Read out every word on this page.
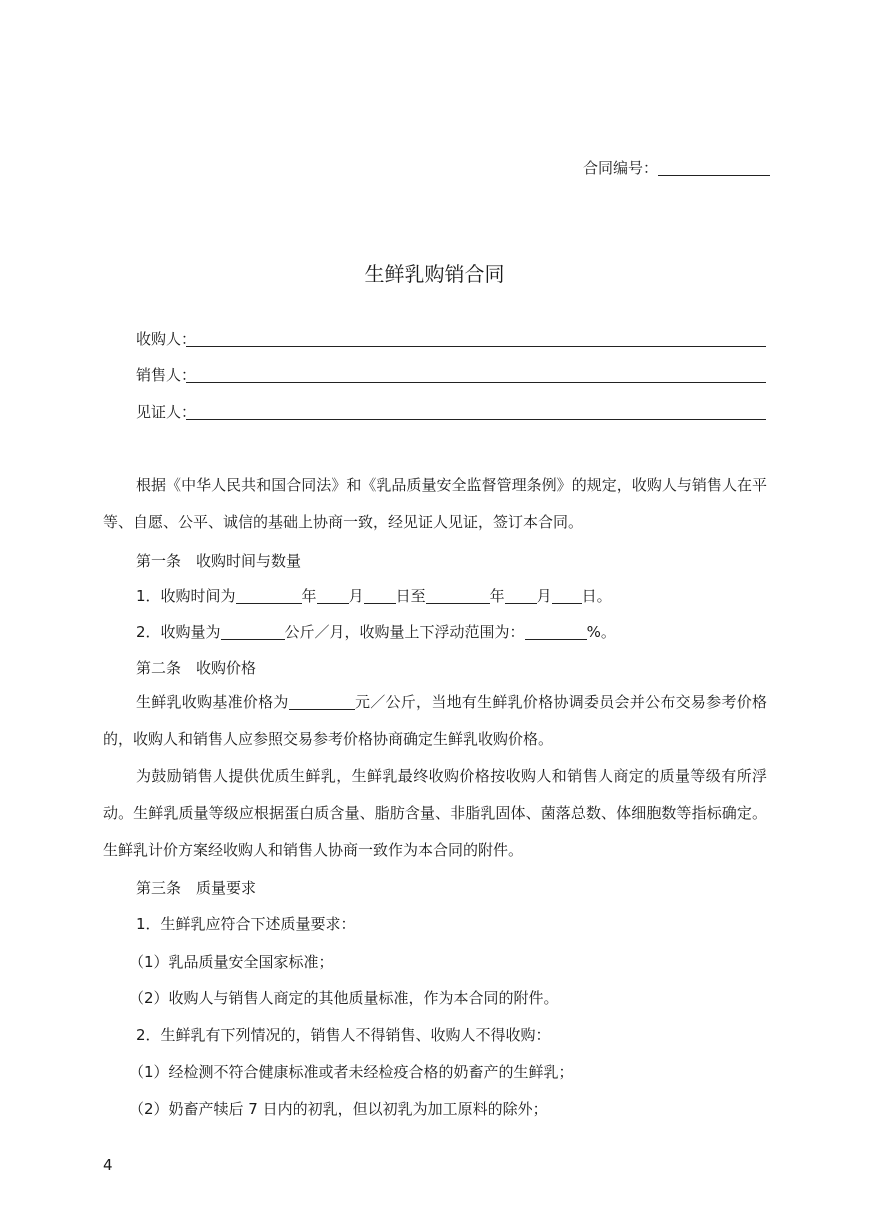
合同编号：
生鲜乳购销合同
收购人：
销售人：
见证人：
根据《中华人民共和国合同法》和《乳品质量安全监督管理条例》的规定，收购人与销售人在平等、自愿、公平、诚信的基础上协商一致，经见证人见证，签订本合同。
第一条　收购时间与数量
1．收购时间为	年 月 日至	年 月 日。
2．收购量为	公斤／月，收购量上下浮动范围为：	%。
第二条　收购价格
生鲜乳收购基准价格为	元／公斤，当地有生鲜乳价格协调委员会并公布交易参考价格的，收购人和销售人应参照交易参考价格协商确定生鲜乳收购价格。
为鼓励销售人提供优质生鲜乳，生鲜乳最终收购价格按收购人和销售人商定的质量等级有所浮动。生鲜乳质量等级应根据蛋白质含量、脂肪含量、非脂乳固体、菌落总数、体细胞数等指标确定。生鲜乳计价方案经收购人和销售人协商一致作为本合同的附件。
第三条　质量要求
1．生鲜乳应符合下述质量要求：
（1）乳品质量安全国家标准；
（2）收购人与销售人商定的其他质量标准，作为本合同的附件。
2．生鲜乳有下列情况的，销售人不得销售、收购人不得收购：
（1）经检测不符合健康标准或者未经检疫合格的奶畜产的生鲜乳；
（2）奶畜产犊后 7 日内的初乳，但以初乳为加工原料的除外；
4
